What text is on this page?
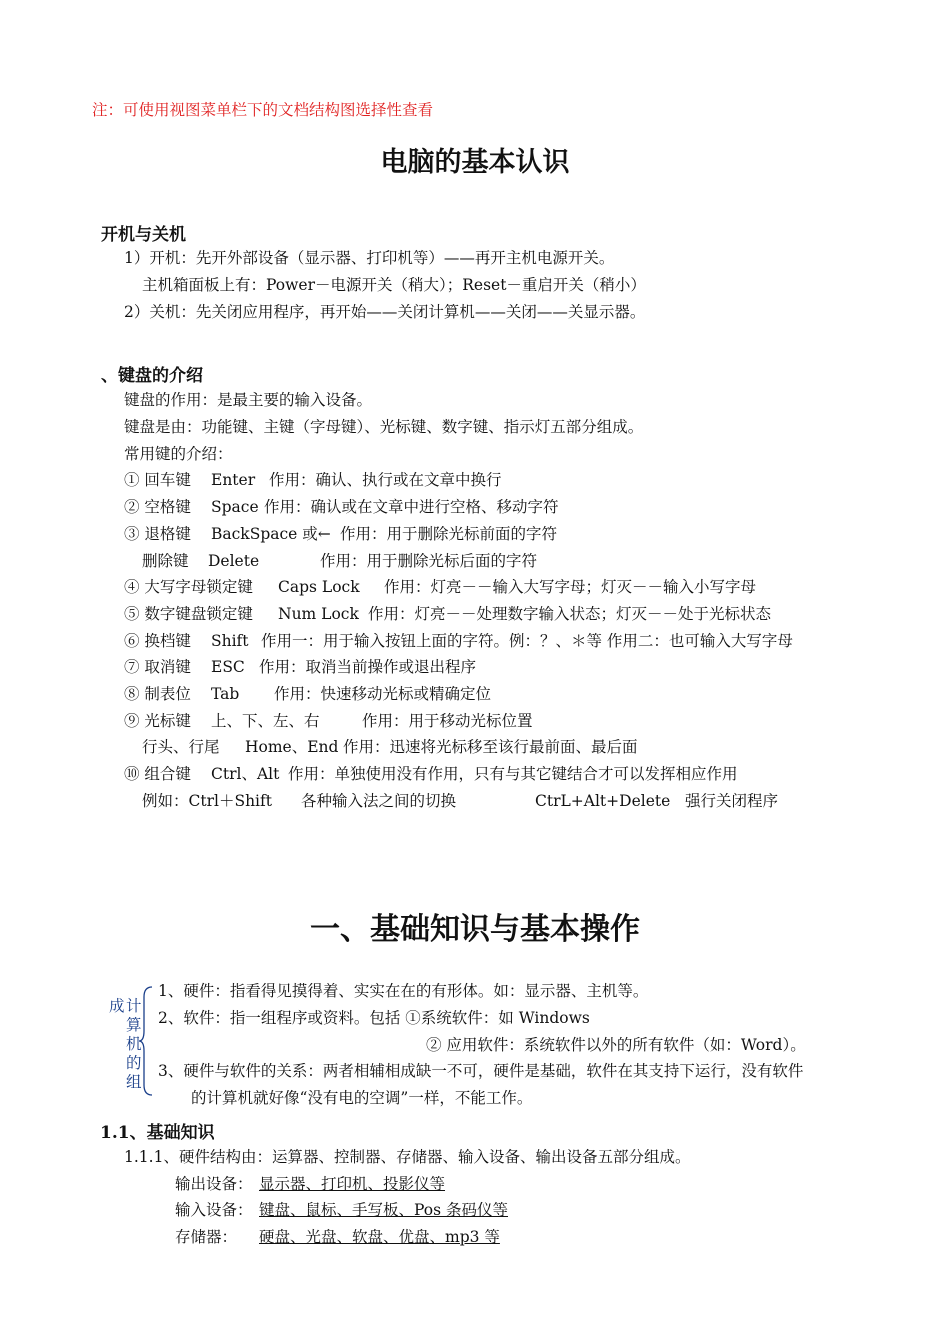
注：可使用视图菜单栏下的文档结构图选择性查看
电脑的基本认识
开机与关机
1）开机：先开外部设备（显示器、打印机等）——再开主机电源开关。
主机箱面板上有：Power－电源开关（稍大）；Reset－重启开关（稍小）
2）关机：先关闭应用程序，再开始——关闭计算机——关闭——关显示器。
、键盘的介绍
键盘的作用：是最主要的输入设备。
键盘是由：功能键、主键（字母键）、光标键、数字键、指示灯五部分组成。
常用键的介绍：
① 回车键 Enter 作用：确认、执行或在文章中换行
② 空格键 Space 作用：确认或在文章中进行空格、移动字符
③ 退格键 BackSpace 或← 作用：用于删除光标前面的字符
删除键 Delete	作用：用于删除光标后面的字符
④ 大写字母锁定键 Caps Lock 作用：灯亮－－输入大写字母；灯灭－－输入小写字母
⑤ 数字键盘锁定键 Num Lock 作用：灯亮－－处理数字输入状态；灯灭－－处于光标状态
⑥ 换档键 Shift 作用一：用于输入按钮上面的字符。例：？、＊等 作用二：也可输入大写字母
⑦ 取消键 ESC 作用：取消当前操作或退出程序
⑧ 制表位 Tab 作用：快速移动光标或精确定位
⑨ 光标键 上、下、左、右	作用：用于移动光标位置
行头、行尾 Home、End 作用：迅速将光标移至该行最前面、最后面
⑩ 组合键 Ctrl、Alt 作用：单独使用没有作用，只有与其它键结合才可以发挥相应作用
例如：Ctrl＋Shift 各种输入法之间的切换	CtrL+Alt+Delete 强行关闭程序
一、基础知识与基本操作
成 计
算
机
的
组
1、硬件：指看得见摸得着、实实在在的有形体。如：显示器、主机等。
2、软件：指一组程序或资料。包括 ①系统软件：如 Windows
② 应用软件：系统软件以外的所有软件（如：Word）。
3、硬件与软件的关系：两者相辅相成缺一不可，硬件是基础，软件在其支持下运行，没有软件
的计算机就好像“没有电的空调”一样，不能工作。
1.1、基础知识
1.1.1、硬件结构由：运算器、控制器、存储器、输入设备、输出设备五部分组成。
输出设备： 显示器、打印机、投影仪等
输入设备： 键盘、鼠标、手写板、Pos 条码仪等
存储器： 硬盘、光盘、软盘、优盘、mp3 等
